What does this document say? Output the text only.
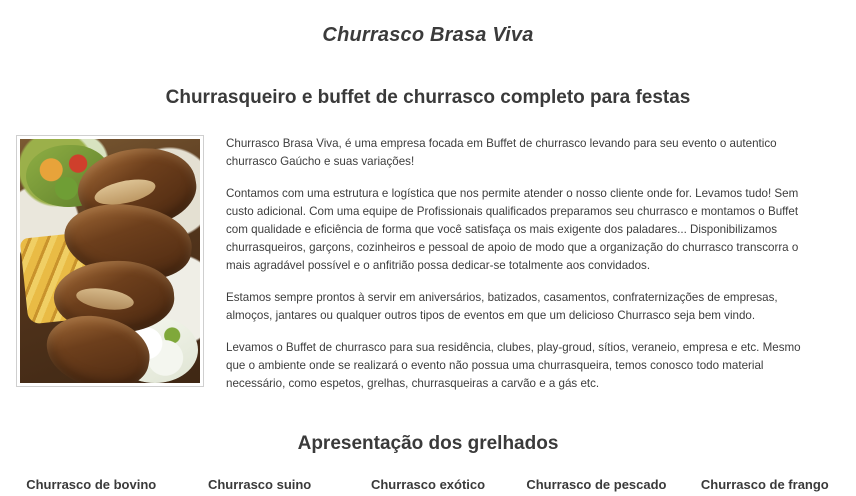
Churrasco Brasa Viva
Churrasqueiro e buffet de churrasco completo para festas

Churrasco Brasa Viva, é uma empresa focada em Buffet de churrasco levando para seu evento o autentico churrasco Gaúcho e suas variações!

Contamos com uma estrutura e logística que nos permite atender o nosso cliente onde for. Levamos tudo! Sem custo adicional. Com uma equipe de Profissionais qualificados preparamos seu churrasco e montamos o Buffet com qualidade e eficiência de forma que você satisfaça os mais exigente dos paladares... Disponibilizamos churrasqueiros, garçons, cozinheiros e pessoal de apoio de modo que a organização do churrasco transcorra o mais agradável possível e o anfitrião possa dedicar-se totalmente aos convidados.

Estamos sempre prontos à servir em aniversários, batizados, casamentos, confraternizações de empresas, almoços, jantares ou qualquer outros tipos de eventos em que um delicioso Churrasco seja bem vindo.

Levamos o Buffet de churrasco para sua residência, clubes, play-groud, sítios, veraneio, empresa e etc. Mesmo que o ambiente onde se realizará o evento não possua uma churrasqueira, temos conosco todo material necessário, como espetos, grelhas, churrasqueiras a carvão e a gás etc.

Apresentação dos grelhados
Churrasco de bovino	Churrasco suino	Churrasco exótico	Churrasco de pescado	Churrasco de frango
